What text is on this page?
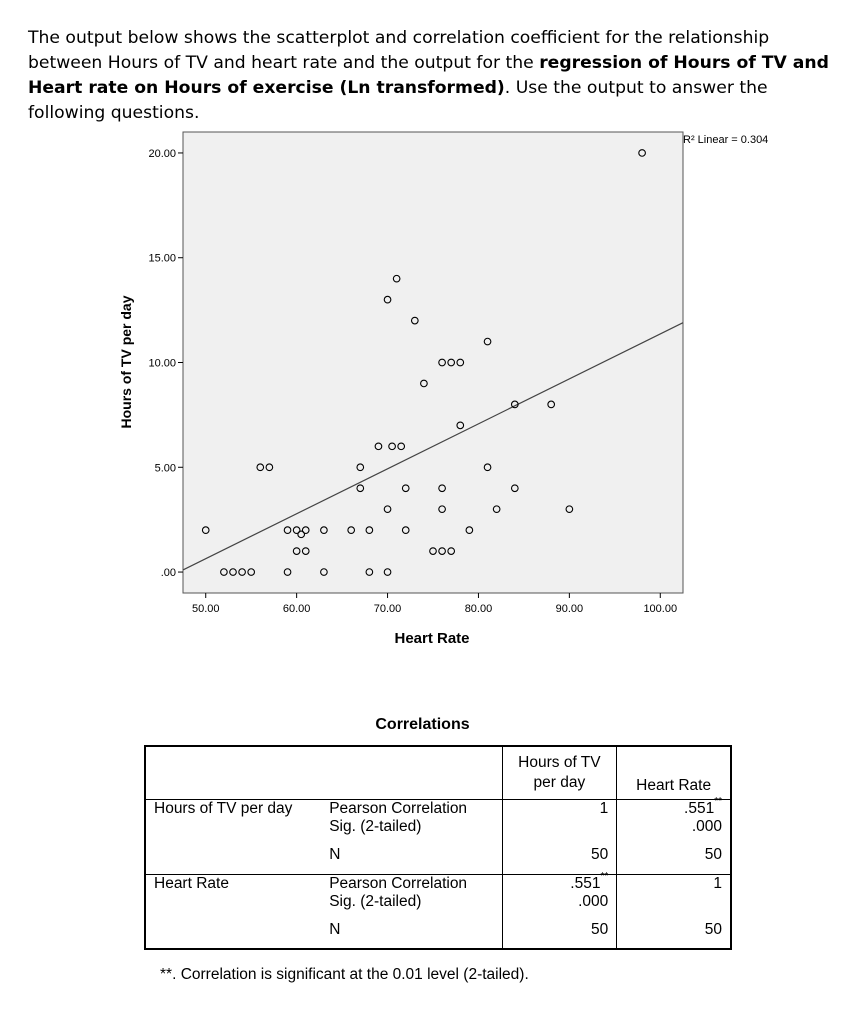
The output below shows the scatterplot and correlation coefficient for the relationship between Hours of TV and heart rate and the output for the regression of Hours of TV and Heart rate on Hours of exercise (Ln transformed). Use the output to answer the following questions.
.00
5.00
10.00
15.00
20.00
50.00	60.00	70.00	80.00	90.00	100.00
R² Linear = 0.304
Heart Rate
Hours of TV per day
Correlations
		Hours of TV per day	Heart Rate
Hours of TV per day	Pearson Correlation	1	.551**
	Sig. (2-tailed)		.000
	N	50	50
Heart Rate	Pearson Correlation	.551**	1
	Sig. (2-tailed)	.000	
	N	50	50
**. Correlation is significant at the 0.01 level (2-tailed).
